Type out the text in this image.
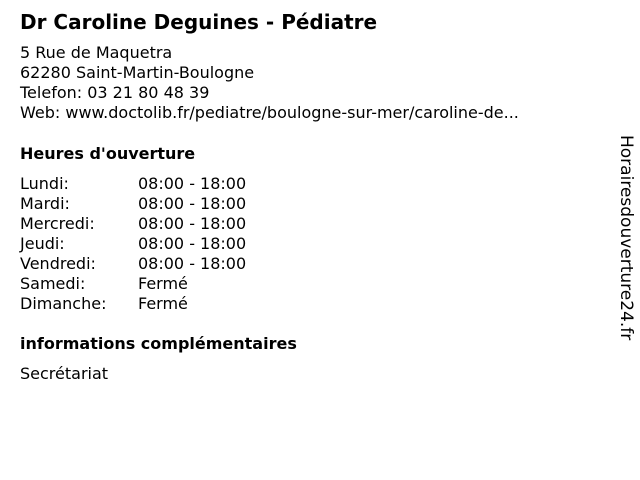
Dr Caroline Deguines - Pédiatre
5 Rue de Maquetra
62280 Saint-Martin-Boulogne
Telefon: 03 21 80 48 39
Web: www.doctolib.fr/pediatre/boulogne-sur-mer/caroline-de...
Heures d'ouverture
Lundi:	08:00 - 18:00
Mardi:	08:00 - 18:00
Mercredi:	08:00 - 18:00
Jeudi:	08:00 - 18:00
Vendredi:	08:00 - 18:00
Samedi:	Fermé
Dimanche: Fermé
informations complémentaires
Secrétariat
Horairesdouverture24.fr
